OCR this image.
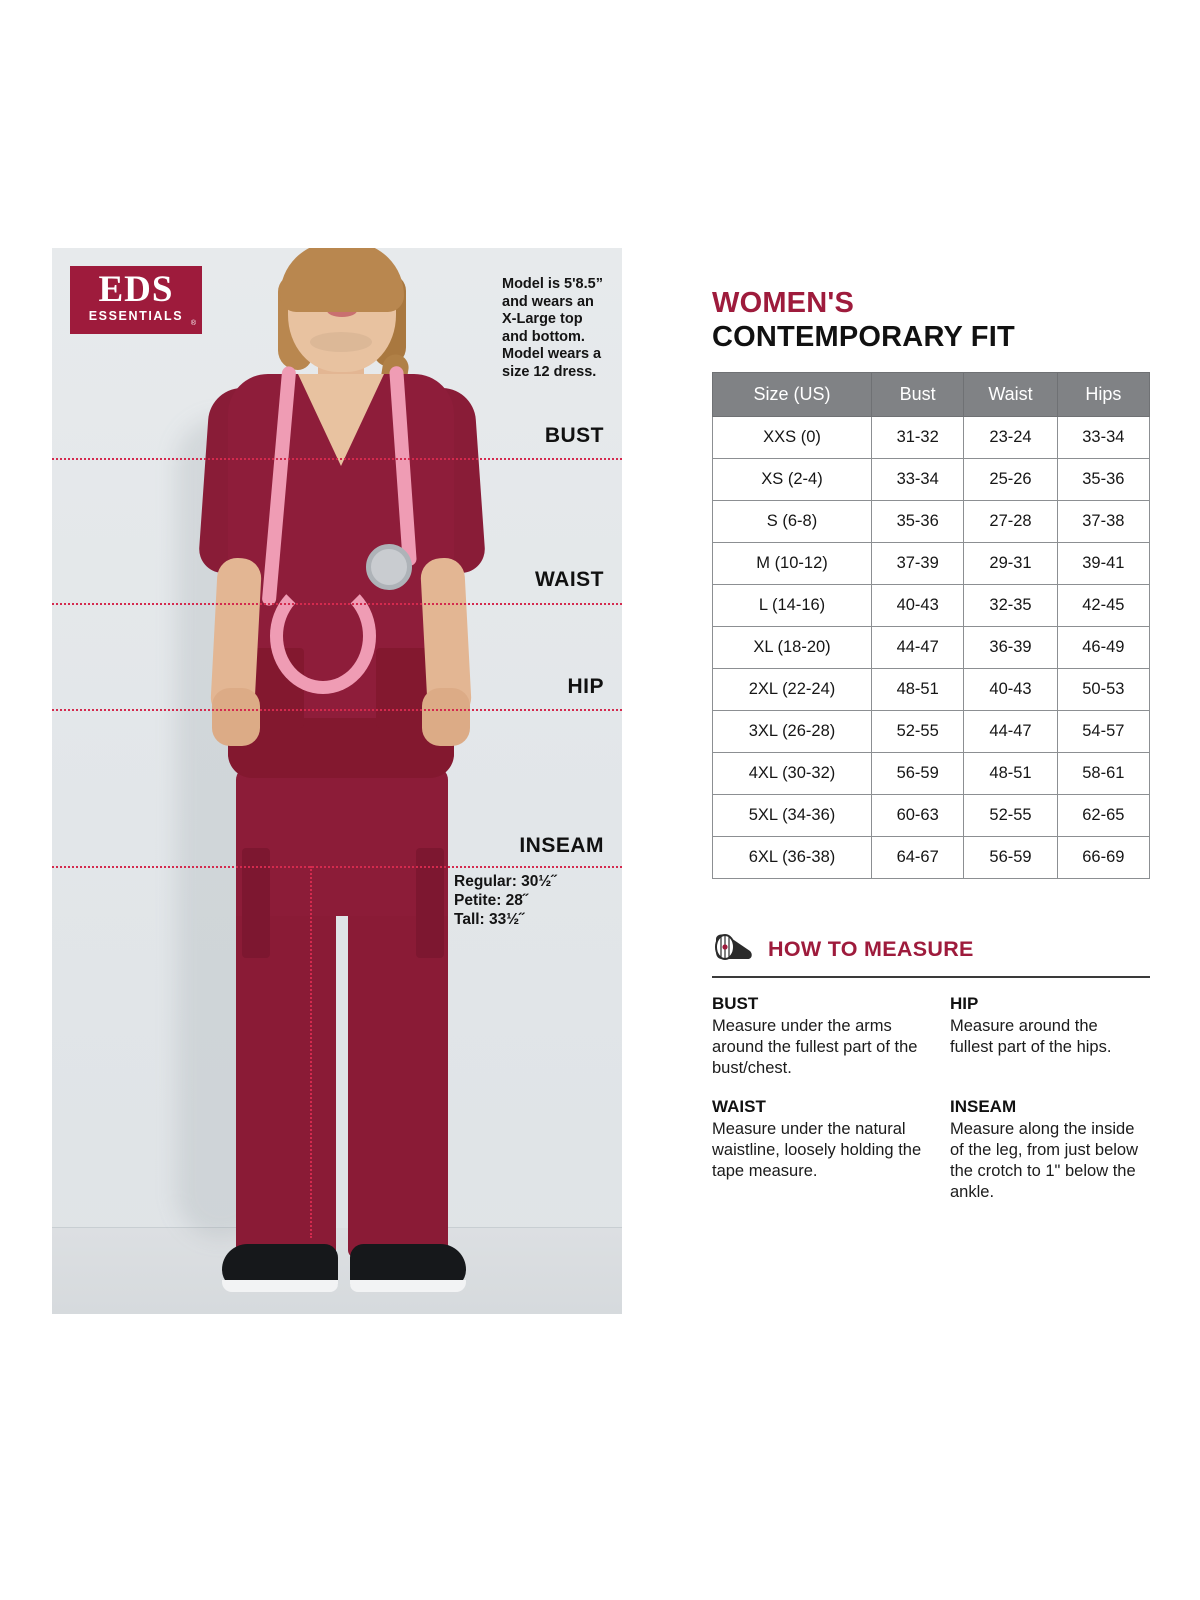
EDS
ESSENTIALS
®
Model is 5'8.5” and wears an X-Large top and bottom. Model wears a size 12 dress.
BUST
WAIST
HIP
INSEAM
Regular: 30½˝
Petite: 28˝
Tall: 33½˝
WOMEN'S
CONTEMPORARY FIT
Size (US)	Bust	Waist	Hips
XXS (0)	31-32	23-24	33-34
XS (2-4)	33-34	25-26	35-36
S (6-8)	35-36	27-28	37-38
M (10-12)	37-39	29-31	39-41
L (14-16)	40-43	32-35	42-45
XL (18-20)	44-47	36-39	46-49
2XL (22-24)	48-51	40-43	50-53
3XL (26-28)	52-55	44-47	54-57
4XL (30-32)	56-59	48-51	58-61
5XL (34-36)	60-63	52-55	62-65
6XL (36-38)	64-67	56-59	66-69
HOW TO MEASURE
BUST
Measure under the arms around the fullest part of the bust/chest.
HIP
Measure around the fullest part of the hips.
WAIST
Measure under the natural waistline, loosely holding the tape measure.
INSEAM
Measure along the inside of the leg, from just below the crotch to 1" below the ankle.
